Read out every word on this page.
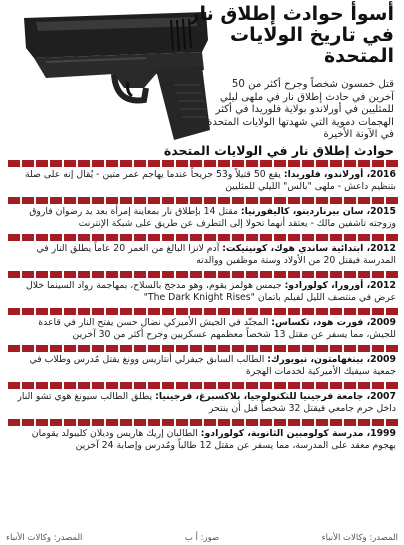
أسوأ حوادث إطلاق نار في تاريخ الولايات المتحدة
قتل خمسون شخصاً وجرح أكثر من 50 آخرين في حادث إطلاق نار في ملهى ليلي للمثليين في أورلاندو بولاية فلوريدا في أكثر الهجمات دموية التي شهدتها الولايات المتحدة في الآونة الأخيرة
حوادث إطلاق نار في الولايات المتحدة
2016، أورلاندو، فلوريدا: يقع 50 قتيلاً و53 جريحاً عندما يهاجم عمر متين - يُقال إنه على صلة بتنظيم داعش - ملهى "بالس" الليلي للمثليين
2015، سان بيرناردينو، كاليفورنيا: مقتل 14 بإطلاق نار بمعاينة إمرأة بعد يد رضوان فاروق وزوجته تاشفين مالك - يعتقد أنهما تحولا إلى التطرف عن طريق على شبكة الإنترنت
2012، ابتدائية ساندي هوك، كونيتيكت: آدم لانزا البالغ من العمر 20 عاماً يطلق النار في المدرسة فيقتل 20 من الأولاد وستة موظفين ووالدته
2012، أورورا، كولورادو: جيمس هولمز يقوم، وهو مدجج بالسلاح، بمهاجمة رواد السينما خلال عرض في منتصف الليل لفيلم باتمان "The Dark Knight Rises"
2009، فورت هود، تكساس: المجنّد في الجيش الأميركي نضال حسن يفتح النار في قاعدة للجيش، مما يسفر عن مقتل 13 شخصاً معظمهم عسكريين وجرح أكثر من 30 آخرين
2009، بينغهامتون، نيويورك: الطالب السابق جيفرلي أنتاريس وونغ يقتل مُدرس وطلاب في جمعية سيفيك الأميركية لخدمات الهجرة
2007، جامعة فرجينيا للتكنولوجيا، بلاكسبرغ، فرجينيا: يطلق الطالب سيونغ هوي تشو النار داخل حرم جامعي فيقتل 32 شخصاً قبل أن ينتحر
1999، مدرسة كولومبين الثانوية، كولورادو: الطالبان إريك هاريس وديلان كليبولد يقومان بهجوم معقد على المدرسة، مما يسفر عن مقتل 12 طالباً ومُدرس وإصابة 24 آخرين
المصدر: وكالات الأنباء
صور: أ ب
المصدر: وكالات الأنباء
